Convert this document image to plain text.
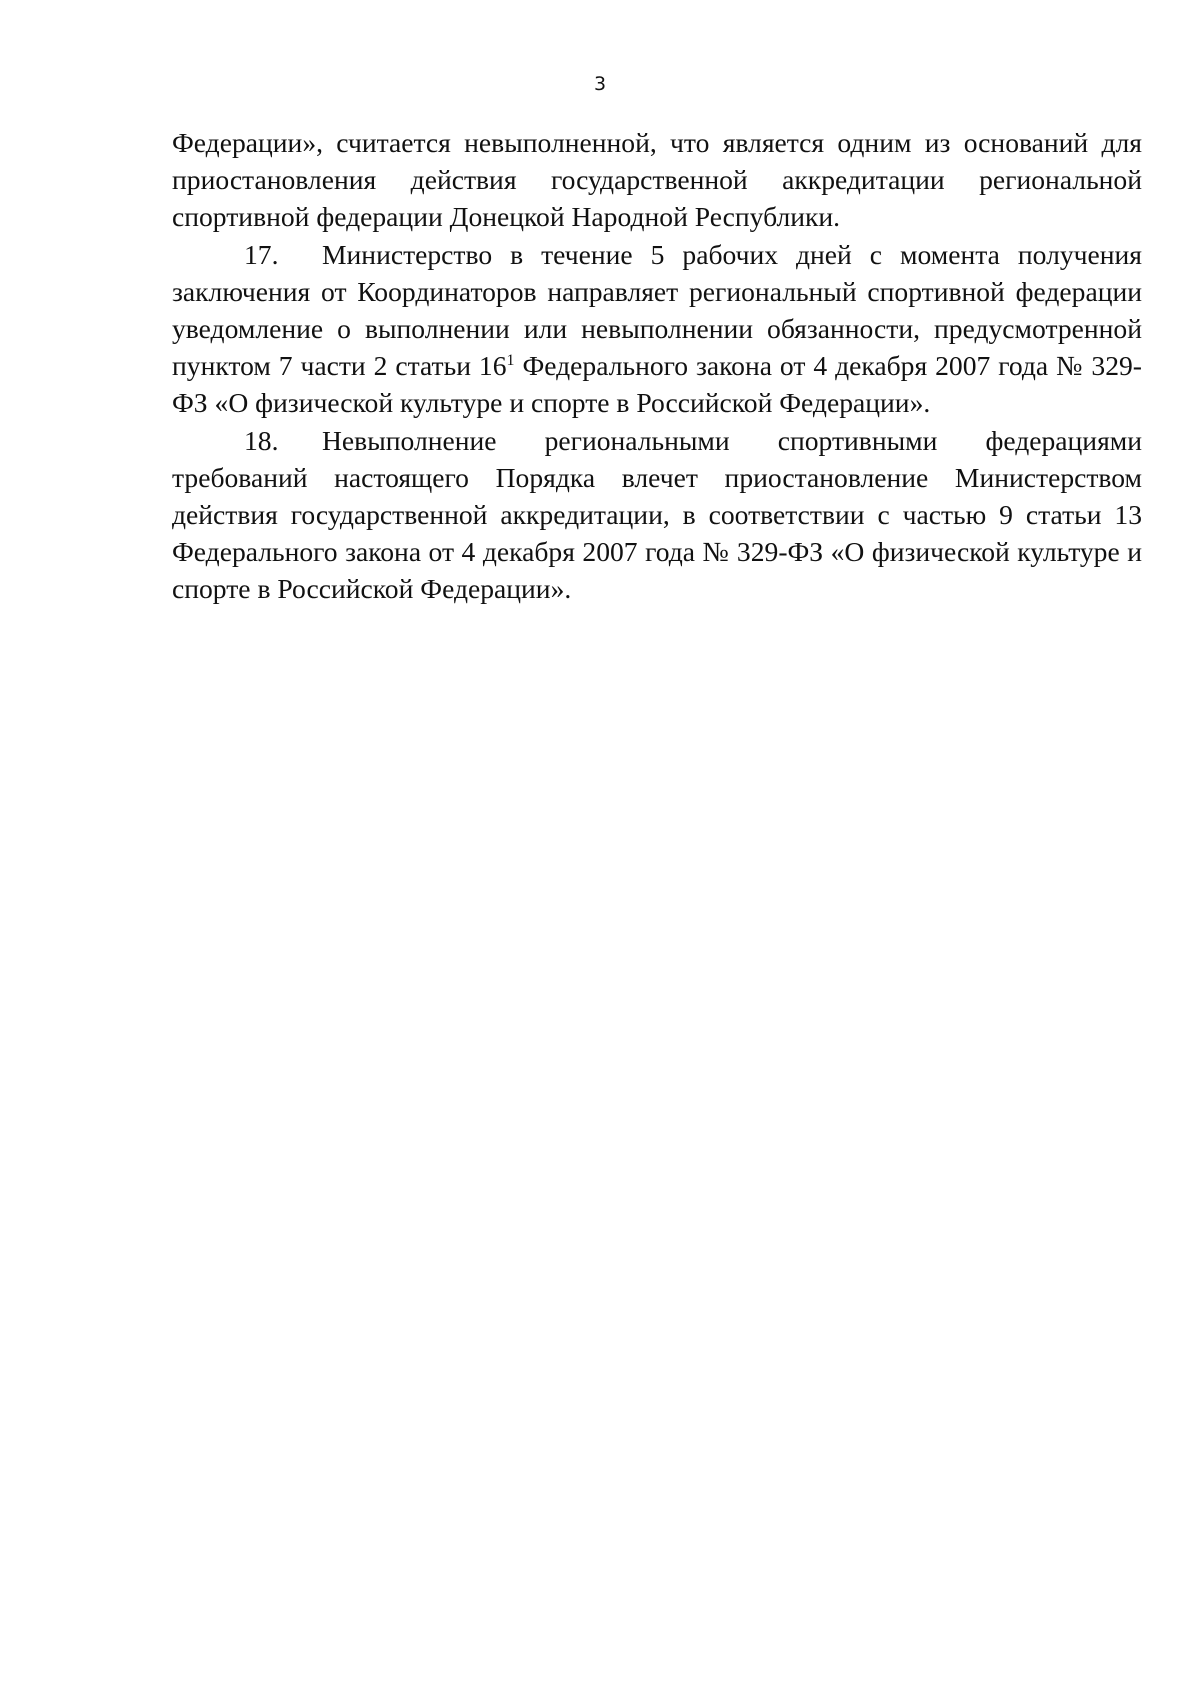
3

Федерации», считается невыполненной, что является одним из оснований для приостановления действия государственной аккредитации региональной спортивной федерации Донецкой Народной Республики.

17. Министерство в течение 5 рабочих дней с момента получения заключения от Координаторов направляет региональный спортивной федерации уведомление о выполнении или невыполнении обязанности, предусмотренной пунктом 7 части 2 статьи $16^1$ Федерального закона от 4 декабря 2007 года № 329-ФЗ «О физической культуре и спорте в Российской Федерации».

18. Невыполнение региональными спортивными федерациями требований настоящего Порядка влечет приостановление Министерством действия государственной аккредитации, в соответствии с частью 9 статьи 13 Федерального закона от 4 декабря 2007 года № 329-ФЗ «О физической культуре и спорте в Российской Федерации».
